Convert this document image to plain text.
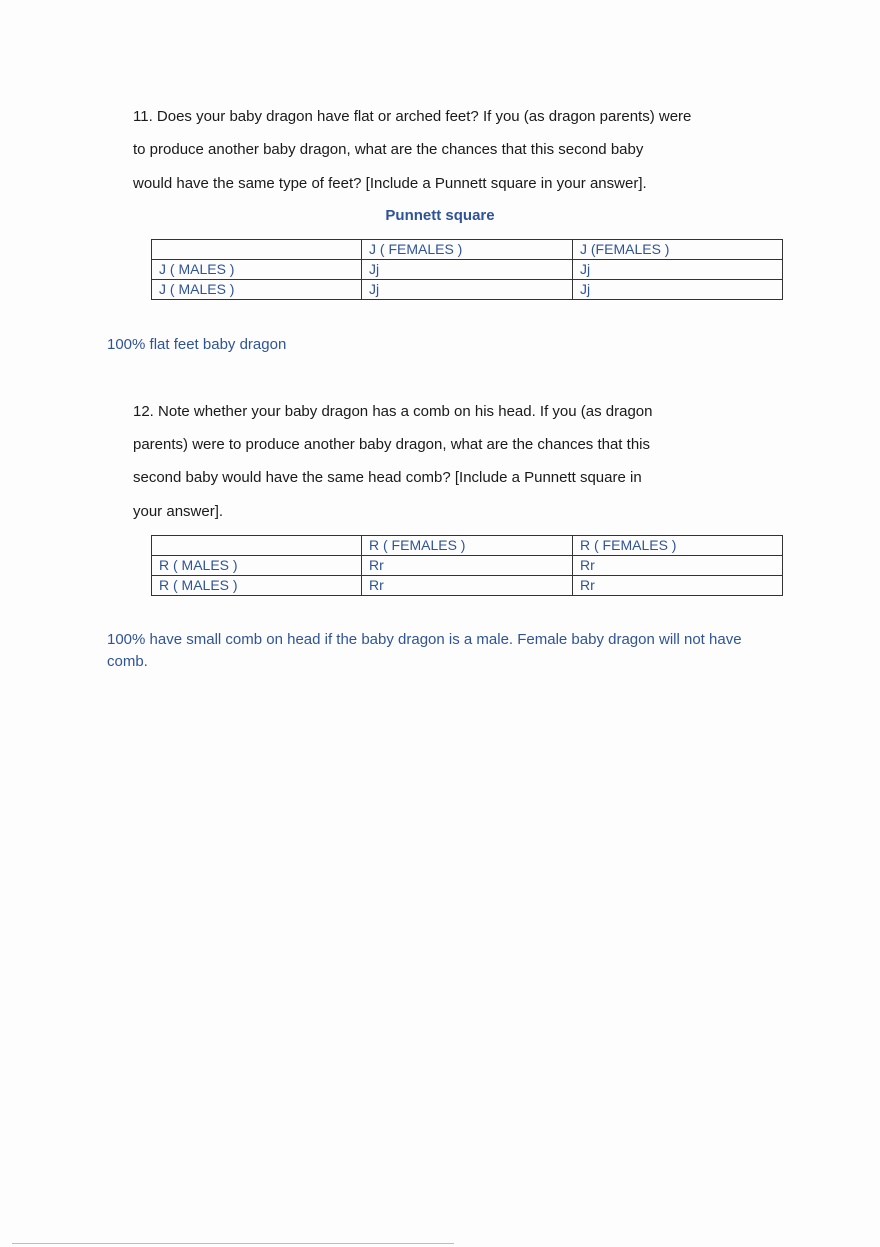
11. Does your baby dragon have flat or arched feet? If you (as dragon parents) were
to produce another baby dragon, what are the chances that this second baby
would have the same type of feet? [Include a Punnett square in your answer].
Punnett square
	J ( FEMALES )	J (FEMALES )
J ( MALES )	Jj	Jj
J ( MALES )	Jj	Jj
100% flat feet baby dragon
12. Note whether your baby dragon has a comb on his head. If you (as dragon
parents) were to produce another baby dragon, what are the chances that this
second baby would have the same head comb? [Include a Punnett square in
your answer].
	R ( FEMALES )	R ( FEMALES )
R ( MALES )	Rr	Rr
R ( MALES )	Rr	Rr
100% have small comb on head if the baby dragon is a male. Female baby dragon will not have comb.
